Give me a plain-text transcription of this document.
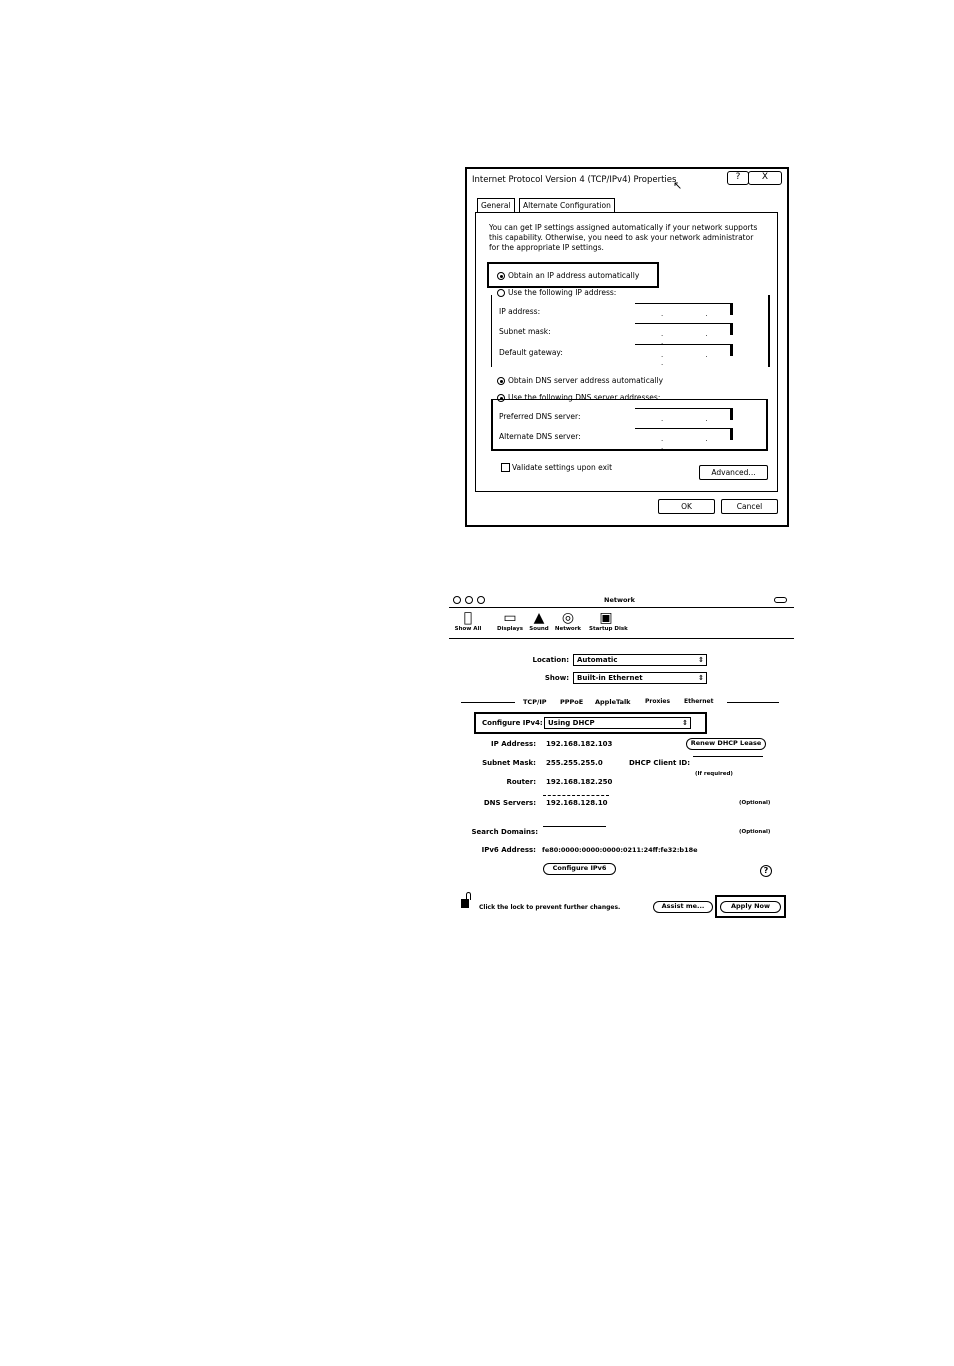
Internet Protocol Version 4 (TCP/IPv4) Properties
↖
?	X
General	Alternate Configuration
You can get IP settings assigned automatically if your network supports
this capability. Otherwise, you need to ask your network administrator
for the appropriate IP settings.
Obtain an IP address automatically
Use the following IP address:
IP address:	. . .
Subnet mask:	. . .
Default gateway:	. . .
Obtain DNS server address automatically
Use the following DNS server addresses:
Preferred DNS server:	. . .
Alternate DNS server:	. . .
Validate settings upon exit
Advanced...
OK	Cancel
Network
Show All	▭
Displays
▲
Sound
◎
Network
▣
Startup Disk
Location:	Automatic	⇕
Show:	Built-in Ethernet	⇕
TCP/IP PPPoE AppleTalk Proxies Ethernet
Configure IPv4: Using DHCP	⇕
IP Address: 192.168.182.103	Renew DHCP Lease
Subnet Mask: 255.255.255.0	DHCP Client ID:
(If required)
Router: 192.168.182.250
DNS Servers: 192.168.128.10	(Optional)
Search Domains:	(Optional)
IPv6 Address: fe80:0000:0000:0000:0211:24ff:fe32:b18e
Configure IPv6	?
Click the lock to prevent further changes.	Assist me...	Apply Now
